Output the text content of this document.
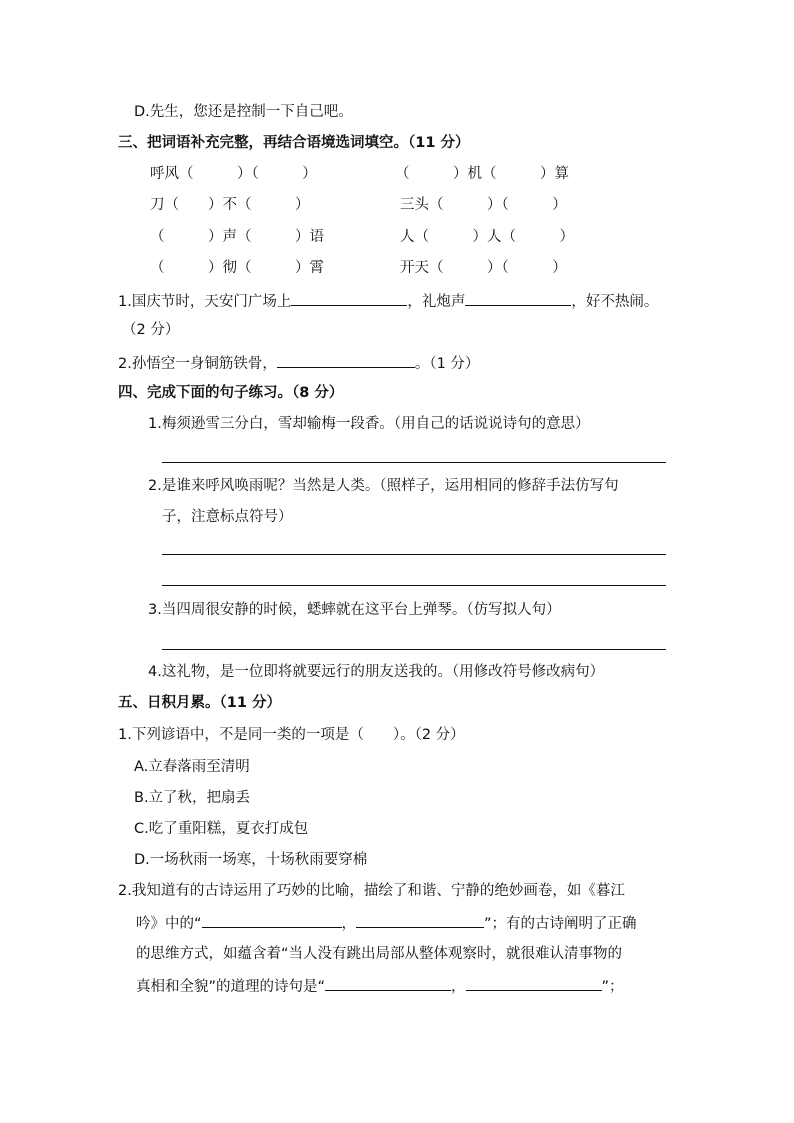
D.先生，您还是控制一下自己吧。
三、把词语补充完整，再结合语境选词填空。（11 分）
呼风（　　　）（　　　）	（　　　）机（　　　）算
刀（　　）不（　　　）	三头（　　　）（　　　）
（　　　）声（　　　）语	人（　　　）人（　　　）
（　　　）彻（　　　）霄	开天（　　　）（　　　）
1.国庆节时，天安门广场上	，礼炮声	，好不热闹。
（2 分）
2.孙悟空一身铜筋铁骨，	。（1 分）
四、完成下面的句子练习。（8 分）
1.梅须逊雪三分白，雪却输梅一段香。（用自己的话说说诗句的意思）
2.是谁来呼风唤雨呢？当然是人类。（照样子，运用相同的修辞手法仿写句
子，注意标点符号）
3.当四周很安静的时候，蟋蟀就在这平台上弹琴。（仿写拟人句）
4.这礼物，是一位即将就要远行的朋友送我的。（用修改符号修改病句）
五、日积月累。（11 分）
1.下列谚语中，不是同一类的一项是（　　）。（2 分）
A.立春落雨至清明
B.立了秋，把扇丢
C.吃了重阳糕，夏衣打成包
D.一场秋雨一场寒，十场秋雨要穿棉
2.我知道有的古诗运用了巧妙的比喻，描绘了和谐、宁静的绝妙画卷，如《暮江
吟》中的“	，	”；有的古诗阐明了正确
的思维方式，如蕴含着“当人没有跳出局部从整体观察时，就很难认清事物的
真相和全貌”的道理的诗句是“	，	”；
